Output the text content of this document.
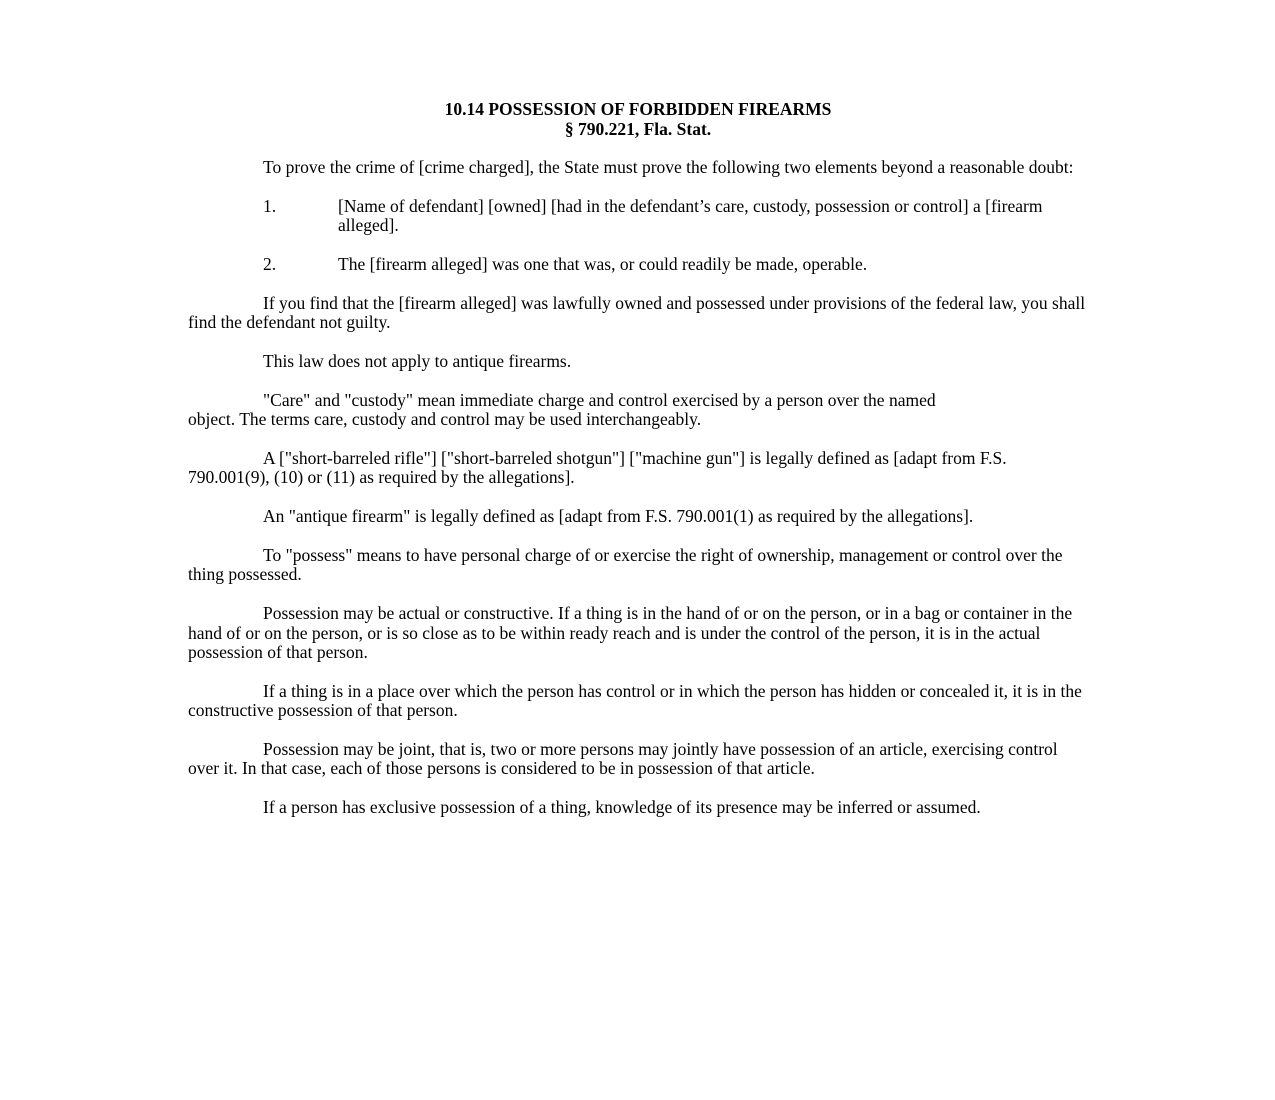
10.14 POSSESSION OF FORBIDDEN FIREARMS
§ 790.221, Fla. Stat.

To prove the crime of [crime charged], the State must prove the following two elements beyond a reasonable doubt:

1.	[Name of defendant] [owned] [had in the defendant’s care, custody, possession or control] a [firearm alleged].
2.	The [firearm alleged] was one that was, or could readily be made, operable.

If you find that the [firearm alleged] was lawfully owned and possessed under provisions of the federal law, you shall find the defendant not guilty.

This law does not apply to antique firearms.

"Care" and "custody" mean immediate charge and control exercised by a person over the named object. The terms care, custody and control may be used interchangeably.

A ["short-barreled rifle"] ["short-barreled shotgun"] ["machine gun"] is legally defined as [adapt from F.S. 790.001(9), (10) or (11) as required by the allegations].

An "antique firearm" is legally defined as [adapt from F.S. 790.001(1) as required by the allegations].

To "possess" means to have personal charge of or exercise the right of ownership, management or control over the thing possessed.

Possession may be actual or constructive. If a thing is in the hand of or on the person, or in a bag or container in the hand of or on the person, or is so close as to be within ready reach and is under the control of the person, it is in the actual possession of that person.

If a thing is in a place over which the person has control or in which the person has hidden or concealed it, it is in the constructive possession of that person.

Possession may be joint, that is, two or more persons may jointly have possession of an article, exercising control over it. In that case, each of those persons is considered to be in possession of that article.

If a person has exclusive possession of a thing, knowledge of its presence may be inferred or assumed.
